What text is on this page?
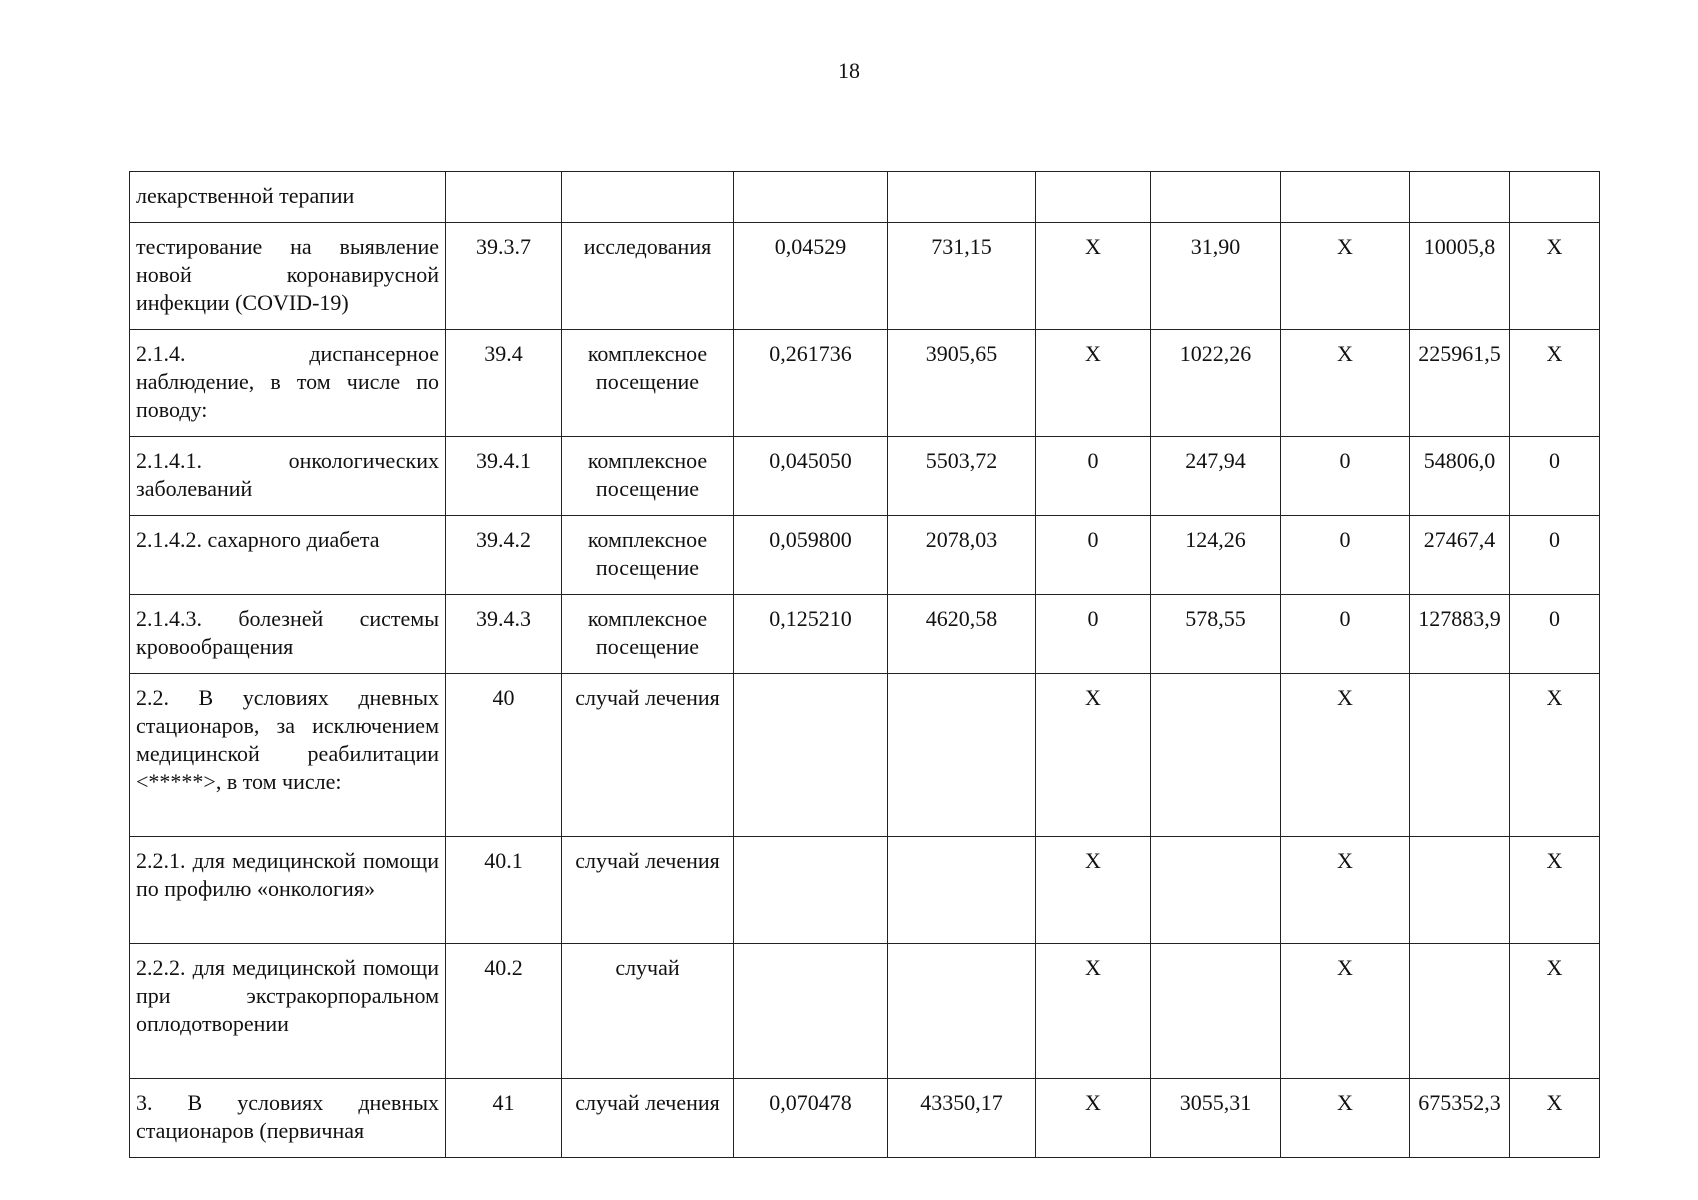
18
лекарственной терапии									
тестирование на выявление новой коронавирусной инфекции (COVID-19)	39.3.7	исследования	0,04529	731,15	X	31,90	X	10005,8	X
2.1.4. диспансерное наблюдение, в том числе по поводу:	39.4	комплексное посещение	0,261736	3905,65	X	1022,26	X	225961,5	X
2.1.4.1. онкологических заболеваний	39.4.1	комплексное посещение	0,045050	5503,72	0	247,94	0	54806,0	0
2.1.4.2. сахарного диабета	39.4.2	комплексное посещение	0,059800	2078,03	0	124,26	0	27467,4	0
2.1.4.3. болезней системы кровообращения	39.4.3	комплексное посещение	0,125210	4620,58	0	578,55	0	127883,9	0
2.2. В условиях дневных стационаров, за исключением медицинской реабилитации <*****>, в том числе:	40	случай лечения			X		X		X
2.2.1. для медицинской помощи по профилю «онкология»	40.1	случай лечения			X		X		X
2.2.2. для медицинской помощи при экстракорпоральном оплодотворении	40.2	случай			X		X		X
3. В условиях дневных стационаров (первичная	41	случай лечения	0,070478	43350,17	X	3055,31	X	675352,3	X
